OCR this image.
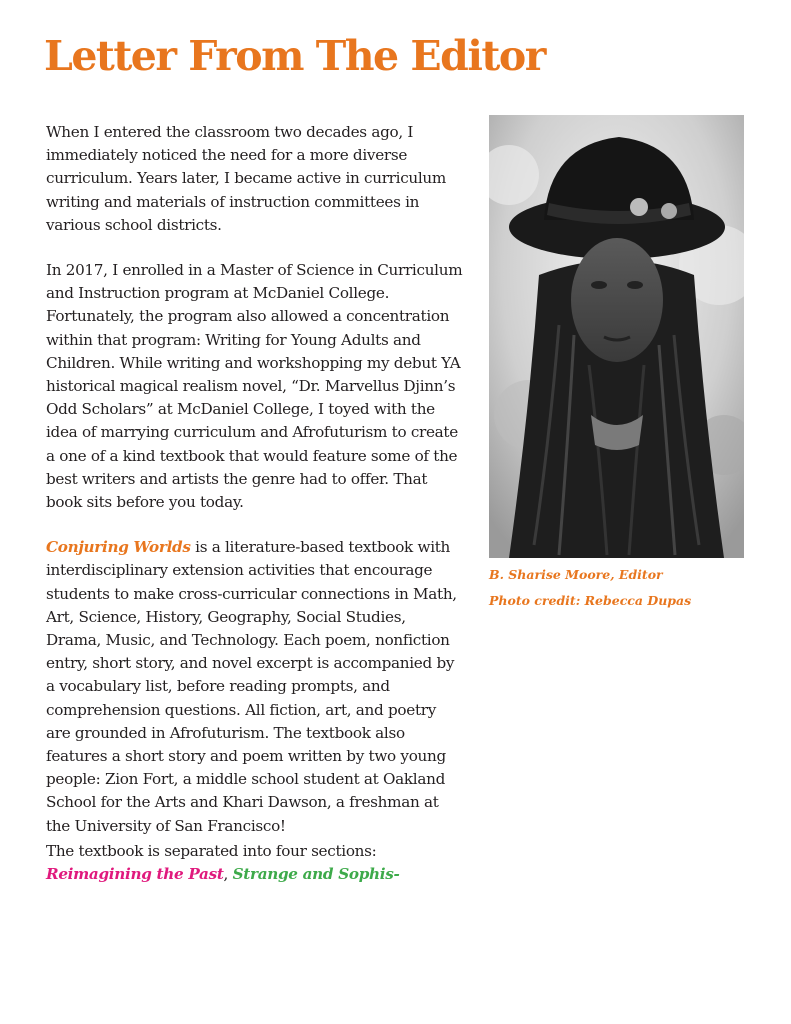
Letter From The Editor

When I entered the classroom two decades ago, I immediately noticed the need for a more diverse curriculum. Years later, I became active in curriculum writing and materials of instruction committees in various school districts.

In 2017, I enrolled in a Master of Science in Curriculum and Instruction program at McDaniel College. Fortunately, the program also allowed a concentration within that program: Writing for Young Adults and Children. While writing and workshopping my debut YA historical magical realism novel, “Dr. Marvellus Djinn’s Odd Scholars” at McDaniel College, I toyed with the idea of marrying curriculum and Afrofuturism to create a one of a kind textbook that would feature some of the best writers and artists the genre had to offer. That book sits before you today.

Conjuring Worlds is a literature-based textbook with interdisciplinary extension activities that encourage students to make cross-curricular connections in Math, Art, Science, History, Geography, Social Studies, Drama, Music, and Technology. Each poem, nonfiction entry, short story, and novel excerpt is accompanied by a vocabulary list, before reading prompts, and comprehension questions. All fiction, art, and poetry are grounded in Afrofuturism. The textbook also features a short story and poem written by two young people: Zion Fort, a middle school student at Oakland School for the Arts and Khari Dawson, a freshman at the University of San Francisco!

The textbook is separated into four sections: Reimagining the Past, Strange and Sophis-

B. Sharise Moore, Editor
Photo credit: Rebecca Dupas
